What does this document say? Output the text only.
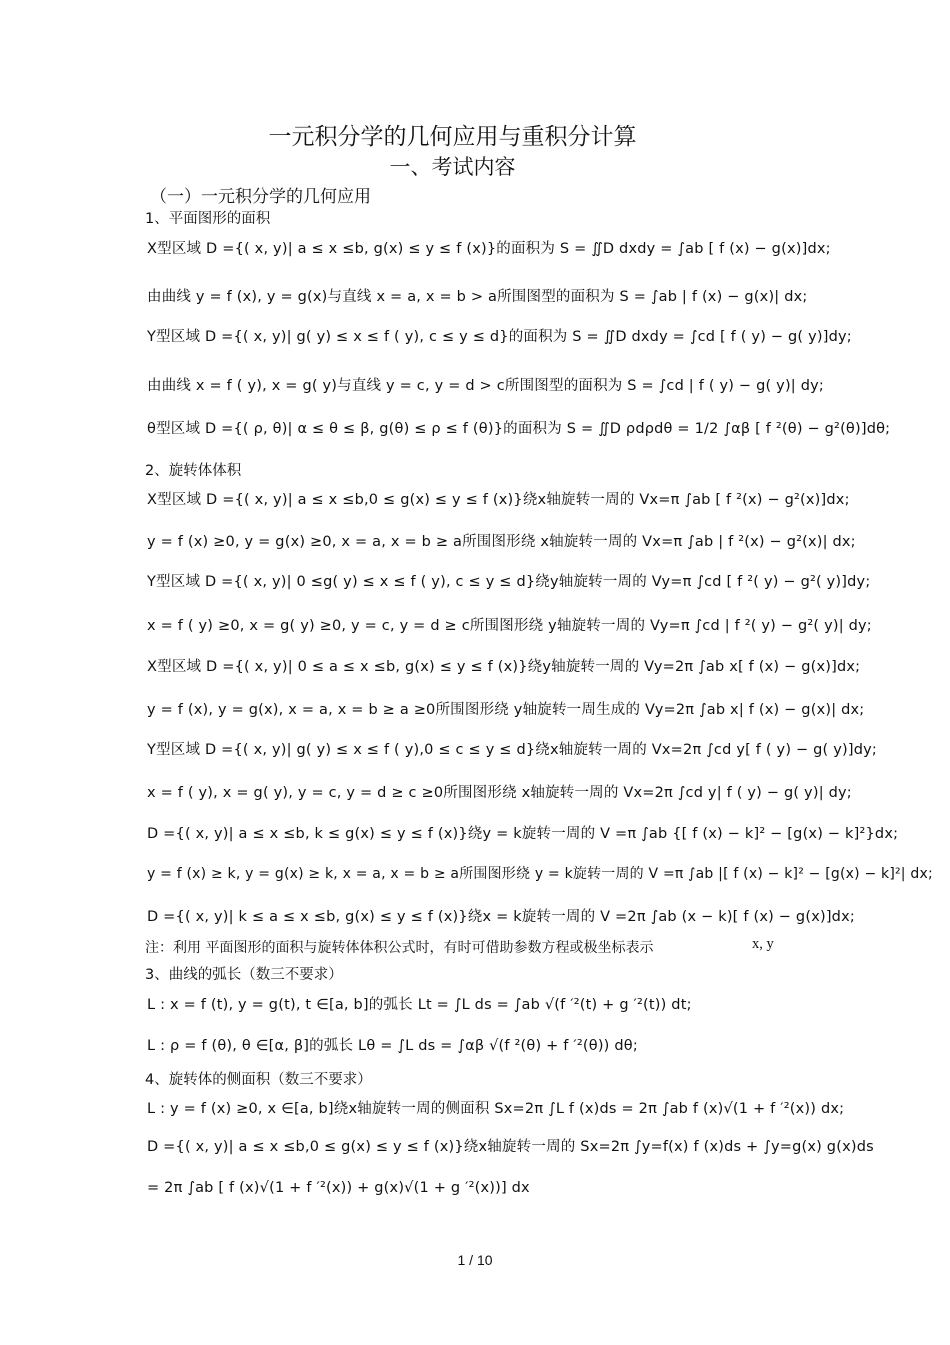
一元积分学的几何应用与重积分计算
一、考试内容
（一）一元积分学的几何应用
1、平面图形的面积
X型区域 D ={( x, y)| a ≤ x ≤b, g(x) ≤ y ≤ f (x)}的面积为 S = ∬D dxdy = ∫ab [ f (x) − g(x)]dx;
由曲线 y = f (x), y = g(x)与直线 x = a, x = b > a所围图型的面积为 S = ∫ab | f (x) − g(x)| dx;
Y型区域 D ={( x, y)| g( y) ≤ x ≤ f ( y), c ≤ y ≤ d}的面积为 S = ∬D dxdy = ∫cd [ f ( y) − g( y)]dy;
由曲线 x = f ( y), x = g( y)与直线 y = c, y = d > c所围图型的面积为 S = ∫cd | f ( y) − g( y)| dy;
θ型区域 D ={( ρ, θ)| α ≤ θ ≤ β, g(θ) ≤ ρ ≤ f (θ)}的面积为 S = ∬D ρdρdθ = 1/2 ∫αβ [ f ²(θ) − g²(θ)]dθ;
2、旋转体体积
X型区域 D ={( x, y)| a ≤ x ≤b,0 ≤ g(x) ≤ y ≤ f (x)}绕x轴旋转一周的 Vx=π ∫ab [ f ²(x) − g²(x)]dx;
y = f (x) ≥0, y = g(x) ≥0, x = a, x = b ≥ a所围图形绕 x轴旋转一周的 Vx=π ∫ab | f ²(x) − g²(x)| dx;
Y型区域 D ={( x, y)| 0 ≤g( y) ≤ x ≤ f ( y), c ≤ y ≤ d}绕y轴旋转一周的 Vy=π ∫cd [ f ²( y) − g²( y)]dy;
x = f ( y) ≥0, x = g( y) ≥0, y = c, y = d ≥ c所围图形绕 y轴旋转一周的 Vy=π ∫cd | f ²( y) − g²( y)| dy;
X型区域 D ={( x, y)| 0 ≤ a ≤ x ≤b, g(x) ≤ y ≤ f (x)}绕y轴旋转一周的 Vy=2π ∫ab x[ f (x) − g(x)]dx;
y = f (x), y = g(x), x = a, x = b ≥ a ≥0所围图形绕 y轴旋转一周生成的 Vy=2π ∫ab x| f (x) − g(x)| dx;
Y型区域 D ={( x, y)| g( y) ≤ x ≤ f ( y),0 ≤ c ≤ y ≤ d}绕x轴旋转一周的 Vx=2π ∫cd y[ f ( y) − g( y)]dy;
x = f ( y), x = g( y), y = c, y = d ≥ c ≥0所围图形绕 x轴旋转一周的 Vx=2π ∫cd y| f ( y) − g( y)| dy;
D ={( x, y)| a ≤ x ≤b, k ≤ g(x) ≤ y ≤ f (x)}绕y = k旋转一周的 V =π ∫ab {[ f (x) − k]² − [g(x) − k]²}dx;
y = f (x) ≥ k, y = g(x) ≥ k, x = a, x = b ≥ a所围图形绕 y = k旋转一周的 V =π ∫ab |[ f (x) − k]² − [g(x) − k]²| dx;
D ={( x, y)| k ≤ a ≤ x ≤b, g(x) ≤ y ≤ f (x)}绕x = k旋转一周的 V =2π ∫ab (x − k)[ f (x) − g(x)]dx;
注：利用 平面图形的面积与旋转体体积公式时，有时可借助参数方程或极坐标表示	x, y
3、曲线的弧长（数三不要求）
L : x = f (t), y = g(t), t ∈[a, b]的弧长 Lt = ∫L ds = ∫ab √(f ′²(t) + g ′²(t)) dt;
L : ρ = f (θ), θ ∈[α, β]的弧长 Lθ = ∫L ds = ∫αβ √(f ²(θ) + f ′²(θ)) dθ;
4、旋转体的侧面积（数三不要求）
L : y = f (x) ≥0, x ∈[a, b]绕x轴旋转一周的侧面积 Sx=2π ∫L f (x)ds = 2π ∫ab f (x)√(1 + f ′²(x)) dx;
D ={( x, y)| a ≤ x ≤b,0 ≤ g(x) ≤ y ≤ f (x)}绕x轴旋转一周的 Sx=2π ∫y=f(x) f (x)ds + ∫y=g(x) g(x)ds
= 2π ∫ab [ f (x)√(1 + f ′²(x)) + g(x)√(1 + g ′²(x))] dx
1 / 10
